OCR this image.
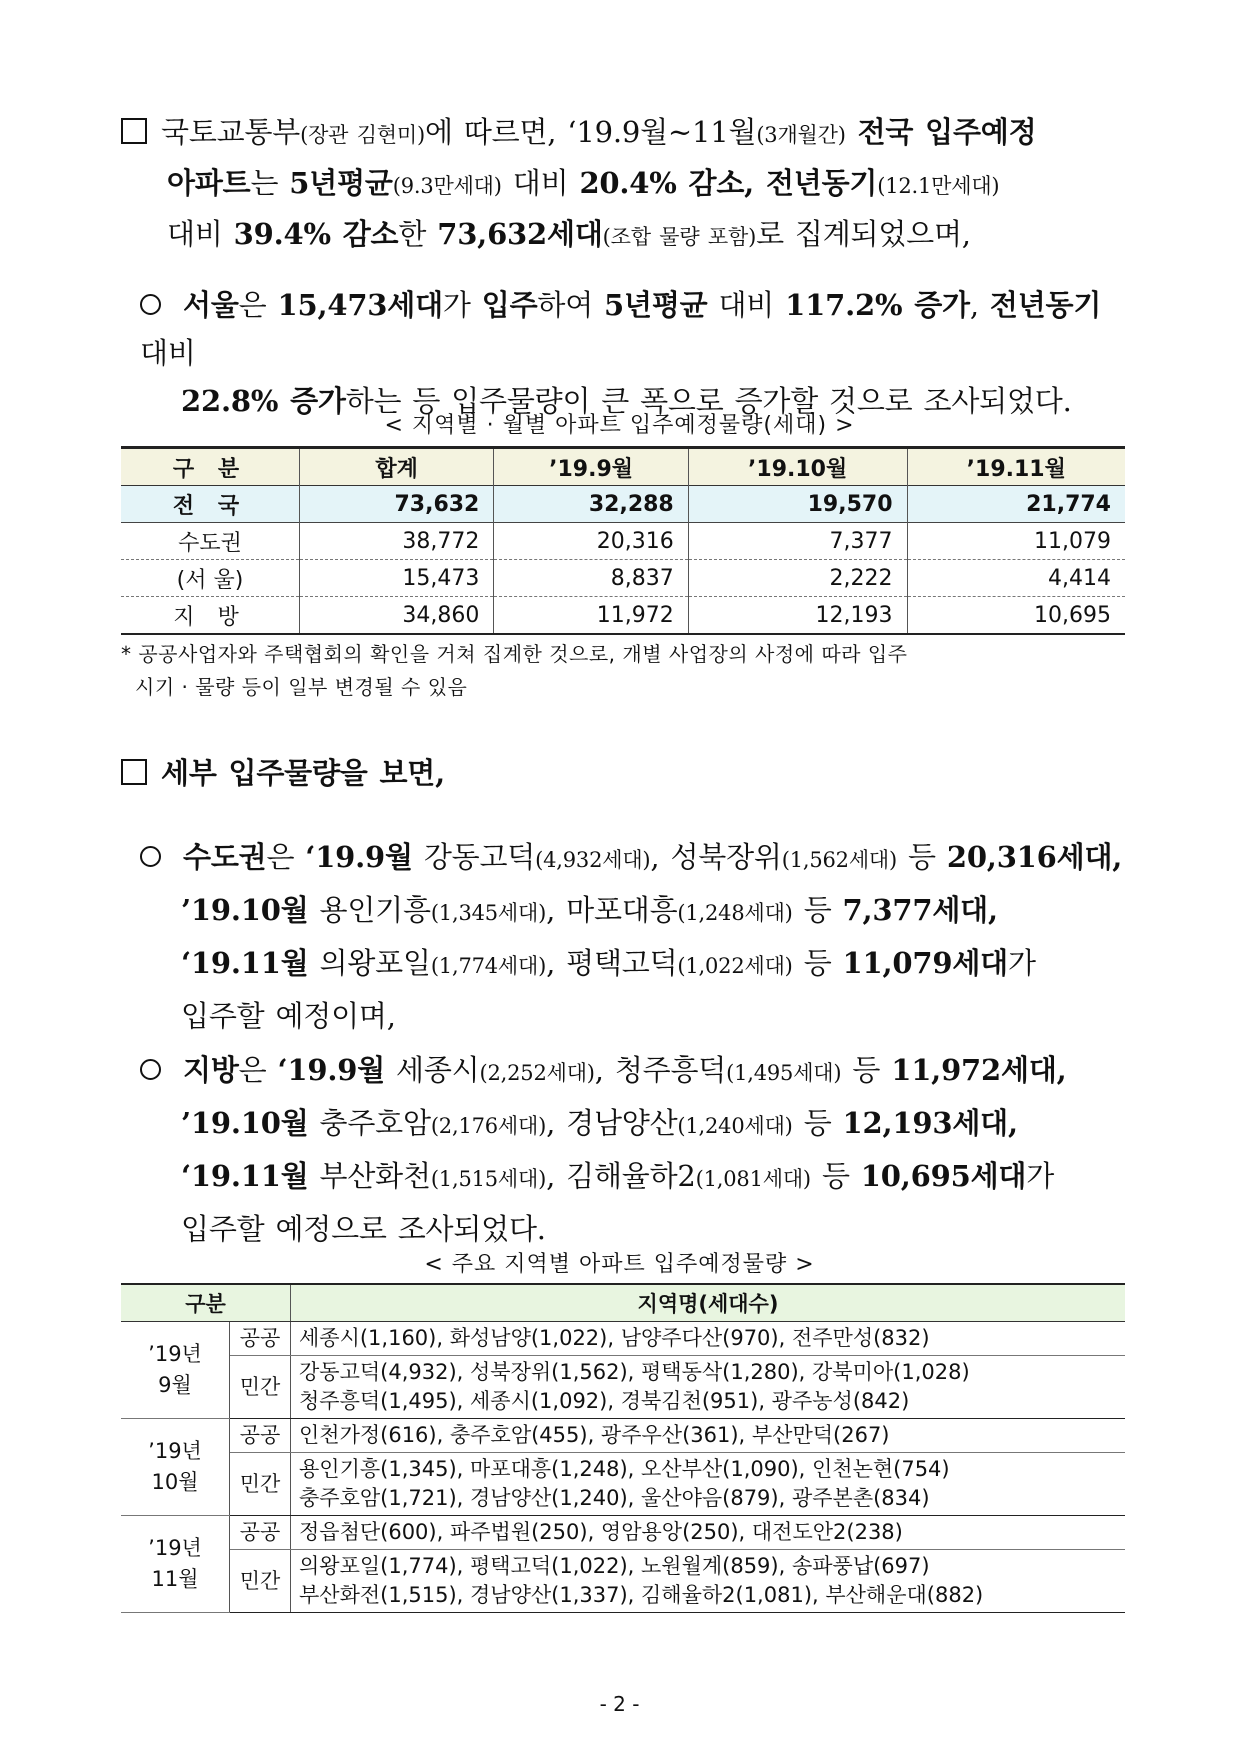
국토교통부(장관 김현미)에 따르면, ‘19.9월~11월(3개월간) 전국 입주예정
아파트는 5년평균(9.3만세대) 대비 20.4% 감소, 전년동기(12.1만세대)
대비 39.4% 감소한 73,632세대(조합 물량 포함)로 집계되었으며,
서울은 15,473세대가 입주하여 5년평균 대비 117.2% 증가, 전년동기 대비
22.8% 증가하는 등 입주물량이 큰 폭으로 증가할 것으로 조사되었다.
< 지역별 · 월별 아파트 입주예정물량(세대) >
구 분	합계	’19.9월	’19.10월	’19.11월
전 국	73,632	32,288	19,570	21,774
수도권	38,772	20,316	7,377	11,079
(서 울)	15,473	8,837	2,222	4,414
지 방	34,860	11,972	12,193	10,695
* 공공사업자와 주택협회의 확인을 거쳐 집계한 것으로, 개별 사업장의 사정에 따라 입주
시기 · 물량 등이 일부 변경될 수 있음
세부 입주물량을 보면,
수도권은 ‘19.9월 강동고덕(4,932세대), 성북장위(1,562세대) 등 20,316세대,
’19.10월 용인기흥(1,345세대), 마포대흥(1,248세대) 등 7,377세대,
‘19.11월 의왕포일(1,774세대), 평택고덕(1,022세대) 등 11,079세대가
입주할 예정이며,
지방은 ‘19.9월 세종시(2,252세대), 청주흥덕(1,495세대) 등 11,972세대,
’19.10월 충주호암(2,176세대), 경남양산(1,240세대) 등 12,193세대,
‘19.11월 부산화천(1,515세대), 김해율하2(1,081세대) 등 10,695세대가
입주할 예정으로 조사되었다.
< 주요 지역별 아파트 입주예정물량 >
구분		지역명(세대수)

’19년
9월	공공	세종시(1,160), 화성남양(1,022), 남양주다산(970), 전주만성(832)
	민간	강동고덕(4,932), 성북장위(1,562), 평택동삭(1,280), 강북미아(1,028)
청주흥덕(1,495), 세종시(1,092), 경북김천(951), 광주농성(842)

’19년
10월	공공	인천가정(616), 충주호암(455), 광주우산(361), 부산만덕(267)
	민간	용인기흥(1,345), 마포대흥(1,248), 오산부산(1,090), 인천논현(754)
충주호암(1,721), 경남양산(1,240), 울산야음(879), 광주본촌(834)

’19년
11월	공공	정읍첨단(600), 파주법원(250), 영암용앙(250), 대전도안2(238)
	민간	의왕포일(1,774), 평택고덕(1,022), 노원월계(859), 송파풍납(697)
부산화전(1,515), 경남양산(1,337), 김해율하2(1,081), 부산해운대(882)
- 2 -
